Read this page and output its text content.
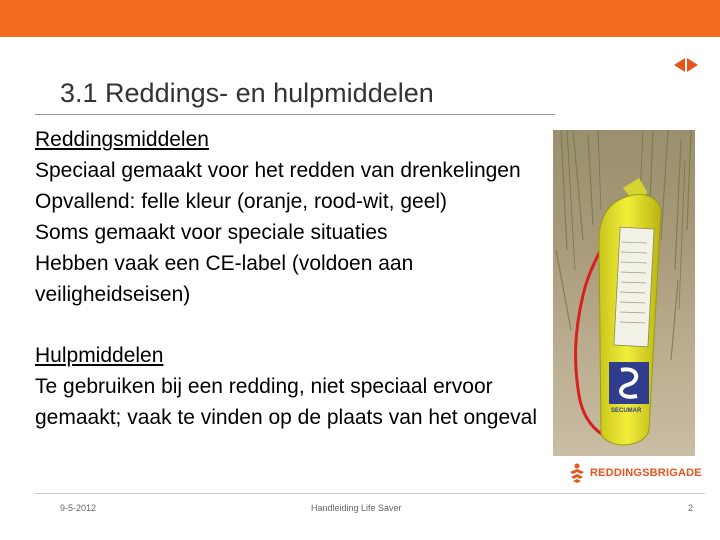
3.1 Reddings- en hulpmiddelen

Reddingsmiddelen

Speciaal gemaakt voor het redden van drenkelingen

Opvallend: felle kleur (oranje, rood-wit, geel)

Soms gemaakt voor speciale situaties

Hebben vaak een CE-label (voldoen aan veiligheidseisen)

Hulpmiddelen

Te gebruiken bij een redding, niet speciaal ervoor gemaakt; vaak te vinden op de plaats van het ongeval	SECUMAR
REDDINGSBRIGADE
9-5-2012	Handleiding Life Saver	2
